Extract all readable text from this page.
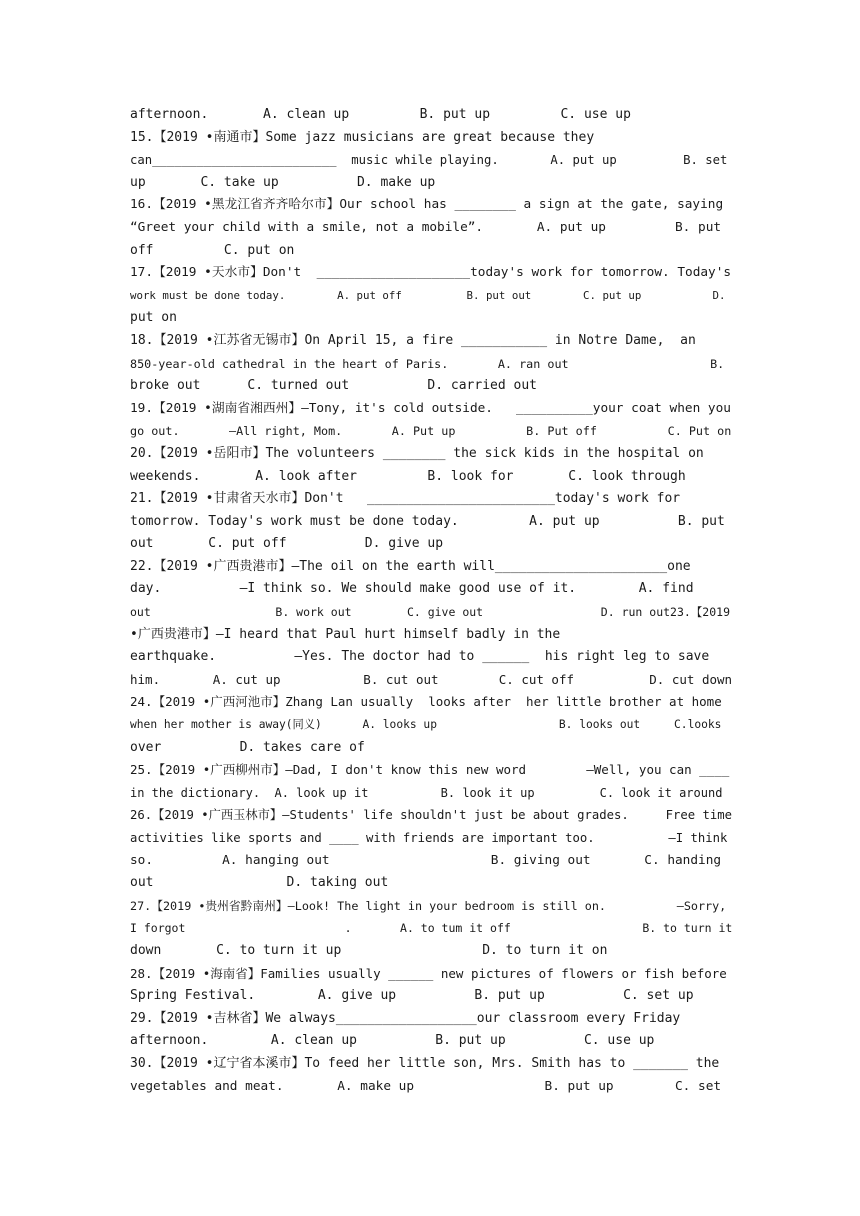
afternoon.       A. clean up         B. put up         C. use up
15.【2019 •南通市】Some jazz musicians are great because they
can_________________________  music while playing.       A. put up         B. set
up       C. take up          D. make up
16.【2019 •黑龙江省齐齐哈尔市】Our school has ________ a sign at the gate, saying
“Greet your child with a smile, not a mobile”.       A. put up         B. put
off         C. put on
17.【2019 •天水市】Don't  ____________________today's work for tomorrow. Today's
work must be done today.        A. put off          B. put out        C. put up           D.
put on
18.【2019 •江苏省无锡市】On April 15, a fire ___________ in Notre Dame,  an
850-year-old cathedral in the heart of Paris.       A. ran out                    B.
broke out      C. turned out          D. carried out
19.【2019 •湖南省湘西州】—Tony, it's cold outside.   __________your coat when you
go out.       —All right, Mom.       A. Put up          B. Put off          C. Put on
20.【2019 •岳阳市】The volunteers ________ the sick kids in the hospital on
weekends.       A. look after         B. look for       C. look through
21.【2019 •甘肃省天水市】Don't   ________________________today's work for
tomorrow. Today's work must be done today.         A. put up          B. put
out       C. put off          D. give up
22.【2019 •广西贵港市】—The oil on the earth will______________________one
day.          —I think so. We should make good use of it.        A. find
out                  B. work out        C. give out                 D. run out23.【2019
•广西贵港市】—I heard that Paul hurt himself badly in the
earthquake.          —Yes. The doctor had to ______  his right leg to save
him.       A. cut up           B. cut out        C. cut off          D. cut down
24.【2019 •广西河池市】Zhang Lan usually  looks after  her little brother at home
when her mother is away(同义)      A. looks up                  B. looks out     C.looks
over          D. takes care of
25.【2019 •广西柳州市】—Dad, I don't know this new word        —Well, you can ____
in the dictionary.  A. look up it          B. look it up         C. look it around
26.【2019 •广西玉林市】—Students' life shouldn't just be about grades.     Free time
activities like sports and ____ with friends are important too.          —I think
so.         A. hanging out                     B. giving out       C. handing
out                 D. taking out
27.【2019 •贵州省黔南州】—Look! The light in your bedroom is still on.          —Sorry,
I forgot                       .       A. to tum it off                   B. to turn it
down       C. to turn it up                  D. to turn it on
28.【2019 •海南省】Families usually ______ new pictures of flowers or fish before
Spring Festival.        A. give up          B. put up          C. set up
29.【2019 •吉林省】We always__________________our classroom every Friday
afternoon.        A. clean up          B. put up          C. use up
30.【2019 •辽宁省本溪市】To feed her little son, Mrs. Smith has to _______ the
vegetables and meat.       A. make up                 B. put up        C. set
